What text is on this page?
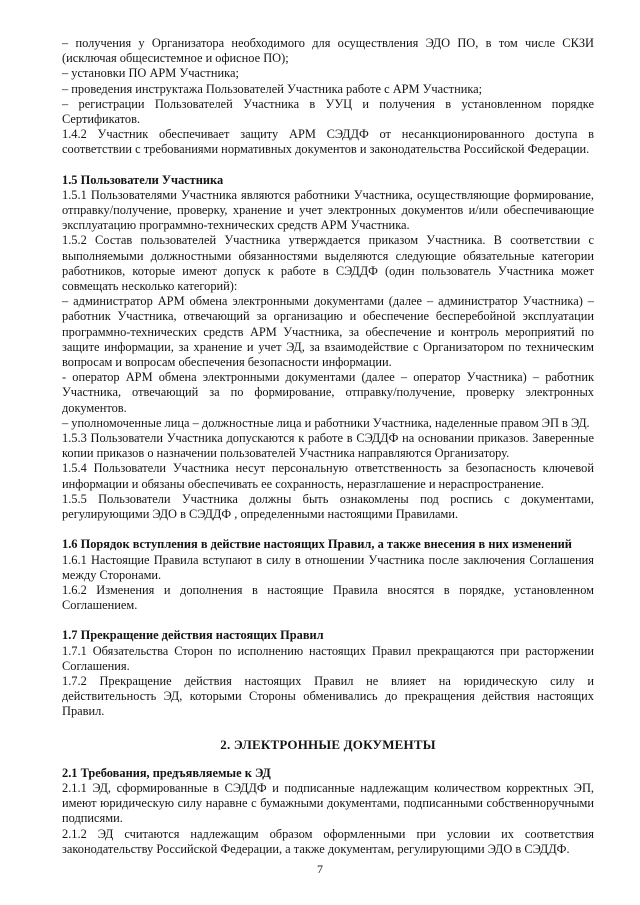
– получения у Организатора необходимого для осуществления ЭДО ПО, в том числе СКЗИ (исключая общесистемное и офисное ПО);

– установки ПО АРМ Участника;

– проведения инструктажа Пользователей Участника работе с АРМ Участника;

– регистрации Пользователей Участника в УУЦ и получения в установленном порядке Сертификатов.

1.4.2 Участник обеспечивает защиту АРМ СЭДДФ от несанкционированного доступа в соответствии с требованиями нормативных документов и законодательства Российской Федерации.

1.5 Пользователи Участника

1.5.1 Пользователями Участника являются работники Участника, осуществляющие формирование, отправку/получение, проверку, хранение и учет электронных документов и/или обеспечивающие эксплуатацию программно-технических средств АРМ Участника.

1.5.2 Состав пользователей Участника утверждается приказом Участника. В соответствии с выполняемыми должностными обязанностями выделяются следующие обязательные категории работников, которые имеют допуск к работе в СЭДДФ (один пользователь Участника может совмещать несколько категорий):

– администратор АРМ обмена электронными документами (далее – администратор Участника) – работник Участника, отвечающий за организацию и обеспечение бесперебойной эксплуатации программно-технических средств АРМ Участника, за обеспечение и контроль мероприятий по защите информации, за хранение и учет ЭД, за взаимодействие с Организатором по техническим вопросам и вопросам обеспечения безопасности информации.

- оператор АРМ обмена электронными документами (далее – оператор Участника) – работник Участника, отвечающий за по формирование, отправку/получение, проверку электронных документов.

– уполномоченные лица – должностные лица и работники Участника, наделенные правом ЭП в ЭД.

1.5.3 Пользователи Участника допускаются к работе в СЭДДФ на основании приказов. Заверенные копии приказов о назначении пользователей Участника направляются Организатору.

1.5.4 Пользователи Участника несут персональную ответственность за безопасность ключевой информации и обязаны обеспечивать ее сохранность, неразглашение и нераспространение.

1.5.5 Пользователи Участника должны быть ознакомлены под роспись с документами, регулирующими ЭДО в СЭДДФ , определенными настоящими Правилами.

1.6 Порядок вступления в действие настоящих Правил, а также внесения в них изменений

1.6.1 Настоящие Правила вступают в силу в отношении Участника после заключения Соглашения между Сторонами.

1.6.2 Изменения и дополнения в настоящие Правила вносятся в порядке, установленном Соглашением.

1.7 Прекращение действия настоящих Правил

1.7.1 Обязательства Сторон по исполнению настоящих Правил прекращаются при расторжении Соглашения.

1.7.2 Прекращение действия настоящих Правил не влияет на юридическую силу и действительность ЭД, которыми Стороны обменивались до прекращения действия настоящих Правил.

2. ЭЛЕКТРОННЫЕ ДОКУМЕНТЫ

2.1 Требования, предъявляемые к ЭД

2.1.1 ЭД, сформированные в СЭДДФ и подписанные надлежащим количеством корректных ЭП, имеют юридическую силу наравне с бумажными документами, подписанными собственноручными подписями.

2.1.2 ЭД считаются надлежащим образом оформленными при условии их соответствия законодательству Российской Федерации, а также документам, регулирующими ЭДО в СЭДДФ.

7
